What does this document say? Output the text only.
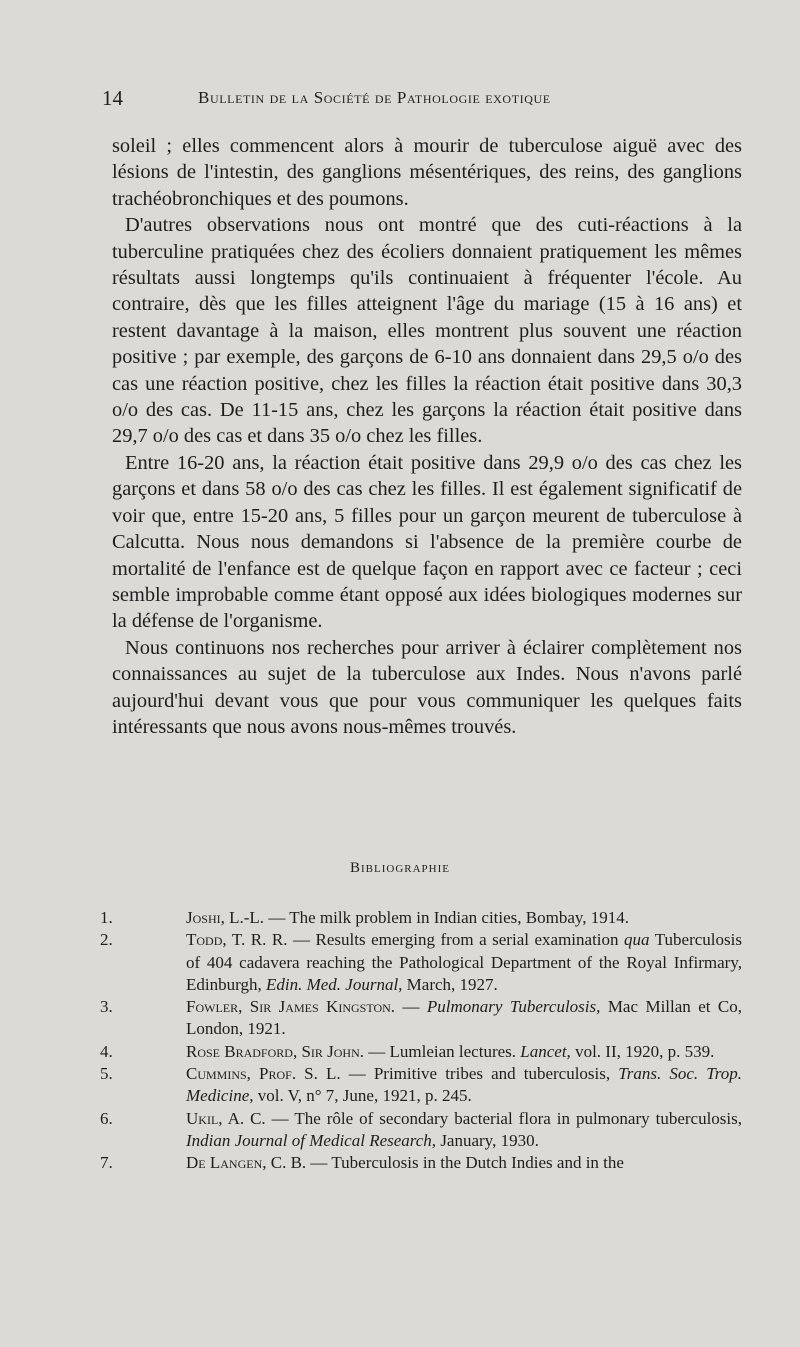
14	Bulletin de la Société de Pathologie exotique

soleil ; elles commencent alors à mourir de tuberculose aiguë avec des lésions de l'intestin, des ganglions mésentériques, des reins, des ganglions trachéobronchiques et des poumons.

D'autres observations nous ont montré que des cuti-réactions à la tuberculine pratiquées chez des écoliers donnaient pratiquement les mêmes résultats aussi longtemps qu'ils continuaient à fréquenter l'école. Au contraire, dès que les filles atteignent l'âge du mariage (15 à 16 ans) et restent davantage à la maison, elles montrent plus souvent une réaction positive ; par exemple, des garçons de 6-10 ans donnaient dans 29,5 o/o des cas une réaction positive, chez les filles la réaction était positive dans 30,3 o/o des cas. De 11-15 ans, chez les garçons la réaction était positive dans 29,7 o/o des cas et dans 35 o/o chez les filles.

Entre 16-20 ans, la réaction était positive dans 29,9 o/o des cas chez les garçons et dans 58 o/o des cas chez les filles. Il est également significatif de voir que, entre 15-20 ans, 5 filles pour un garçon meurent de tuberculose à Calcutta. Nous nous demandons si l'absence de la première courbe de mortalité de l'enfance est de quelque façon en rapport avec ce facteur ; ceci semble improbable comme étant opposé aux idées biologiques modernes sur la défense de l'organisme.

Nous continuons nos recherches pour arriver à éclairer complètement nos connaissances au sujet de la tuberculose aux Indes. Nous n'avons parlé aujourd'hui devant vous que pour vous communiquer les quelques faits intéressants que nous avons nous-mêmes trouvés.

Bibliographie

1.	Joshi, L.-L. — The milk problem in Indian cities, Bombay, 1914.

2.	Todd, T. R. R. — Results emerging from a serial examination qua Tuberculosis of 404 cadavera reaching the Pathological Department of the Royal Infirmary, Edinburgh, Edin. Med. Journal, March, 1927.

3.	Fowler, Sir James Kingston. — Pulmonary Tuberculosis, Mac Millan et Co, London, 1921.

4.	Rose Bradford, Sir John. — Lumleian lectures. Lancet, vol. II, 1920, p. 539.

5.	Cummins, Prof. S. L. — Primitive tribes and tuberculosis, Trans. Soc. Trop. Medicine, vol. V, n° 7, June, 1921, p. 245.

6.	Ukil, A. C. — The rôle of secondary bacterial flora in pulmonary tuberculosis, Indian Journal of Medical Research, January, 1930.

7.	De Langen, C. B. — Tuberculosis in the Dutch Indies and in the
